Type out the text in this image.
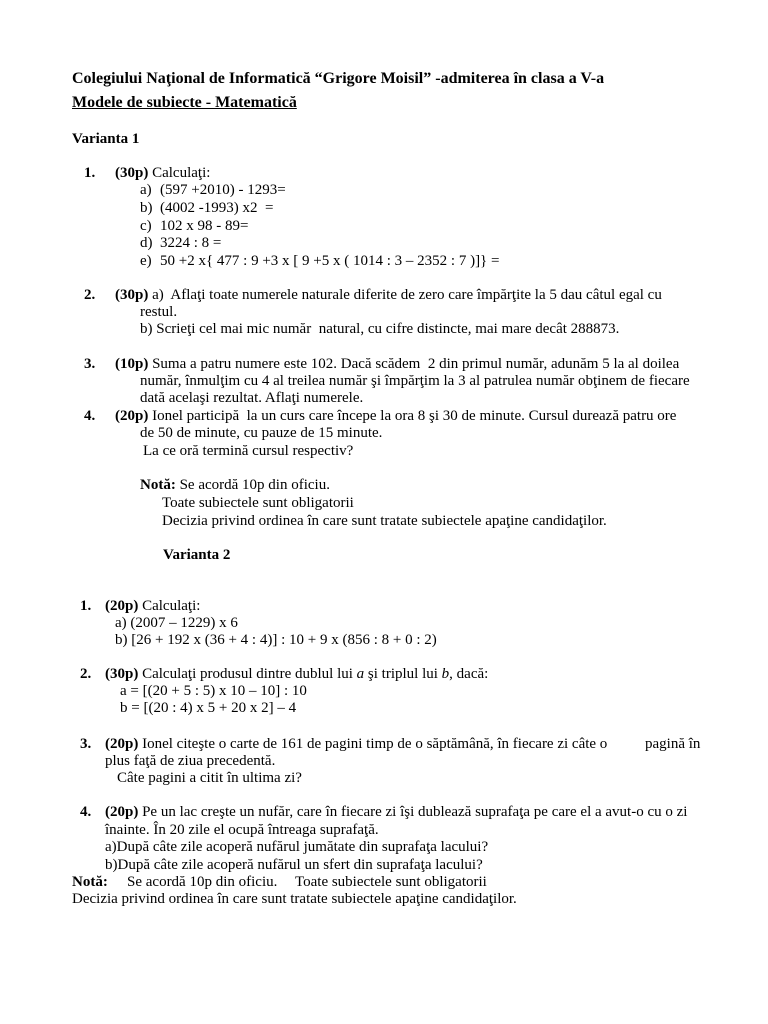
Colegiului Naţional de Informatică “Grigore Moisil” -admiterea în clasa a V-a
Modele de subiecte - Matematică
Varianta 1
1. (30p) Calculaţi:
a) (597 +2010) - 1293=
b) (4002 -1993) x2  =
c) 102 x 98 - 89=
d) 3224 : 8 =
e) 50 +2 x{ 477 : 9 +3 x [ 9 +5 x ( 1014 : 3 – 2352 : 7 )]} =
2. (30p) a)  Aflaţi toate numerele naturale diferite de zero care împărţite la 5 dau câtul egal cu
restul.
b) Scrieţi cel mai mic număr  natural, cu cifre distincte, mai mare decât 288873.
3. (10p) Suma a patru numere este 102. Dacă scădem  2 din primul număr, adunăm 5 la al doilea
număr, înmulţim cu 4 al treilea număr şi împărţim la 3 al patrulea număr obţinem de fiecare
dată acelaşi rezultat. Aflaţi numerele.
4. (20p) Ionel participă  la un curs care începe la ora 8 şi 30 de minute. Cursul durează patru ore
de 50 de minute, cu pauze de 15 minute.
La ce oră termină cursul respectiv?
Notă: Se acordă 10p din oficiu.
Toate subiectele sunt obligatorii
Decizia privind ordinea în care sunt tratate subiectele apaţine candidaţilor.
Varianta 2
1. (20p) Calculaţi:
a) (2007 – 1229) x 6
b) [26 + 192 x (36 + 4 : 4)] : 10 + 9 x (856 : 8 + 0 : 2)
2. (30p) Calculaţi produsul dintre dublul lui a şi triplul lui b, dacă:
a = [(20 + 5 : 5) x 10 – 10] : 10
b = [(20 : 4) x 5 + 20 x 2] – 4
3. (20p) Ionel citeşte o carte de 161 de pagini timp de o săptămână, în fiecare zi câte o	pagină în
plus faţă de ziua precedentă.
Câte pagini a citit în ultima zi?
4. (20p) Pe un lac creşte un nufăr, care în fiecare zi îşi dublează suprafaţa pe care el a avut-o cu o zi
înainte. În 20 zile el ocupă întreaga suprafaţă.
a)După câte zile acoperă nufărul jumătate din suprafaţa lacului?
b)După câte zile acoperă nufărul un sfert din suprafaţa lacului?
Notă: Se acordă 10p din oficiu. Toate subiectele sunt obligatorii
Decizia privind ordinea în care sunt tratate subiectele apaţine candidaţilor.
